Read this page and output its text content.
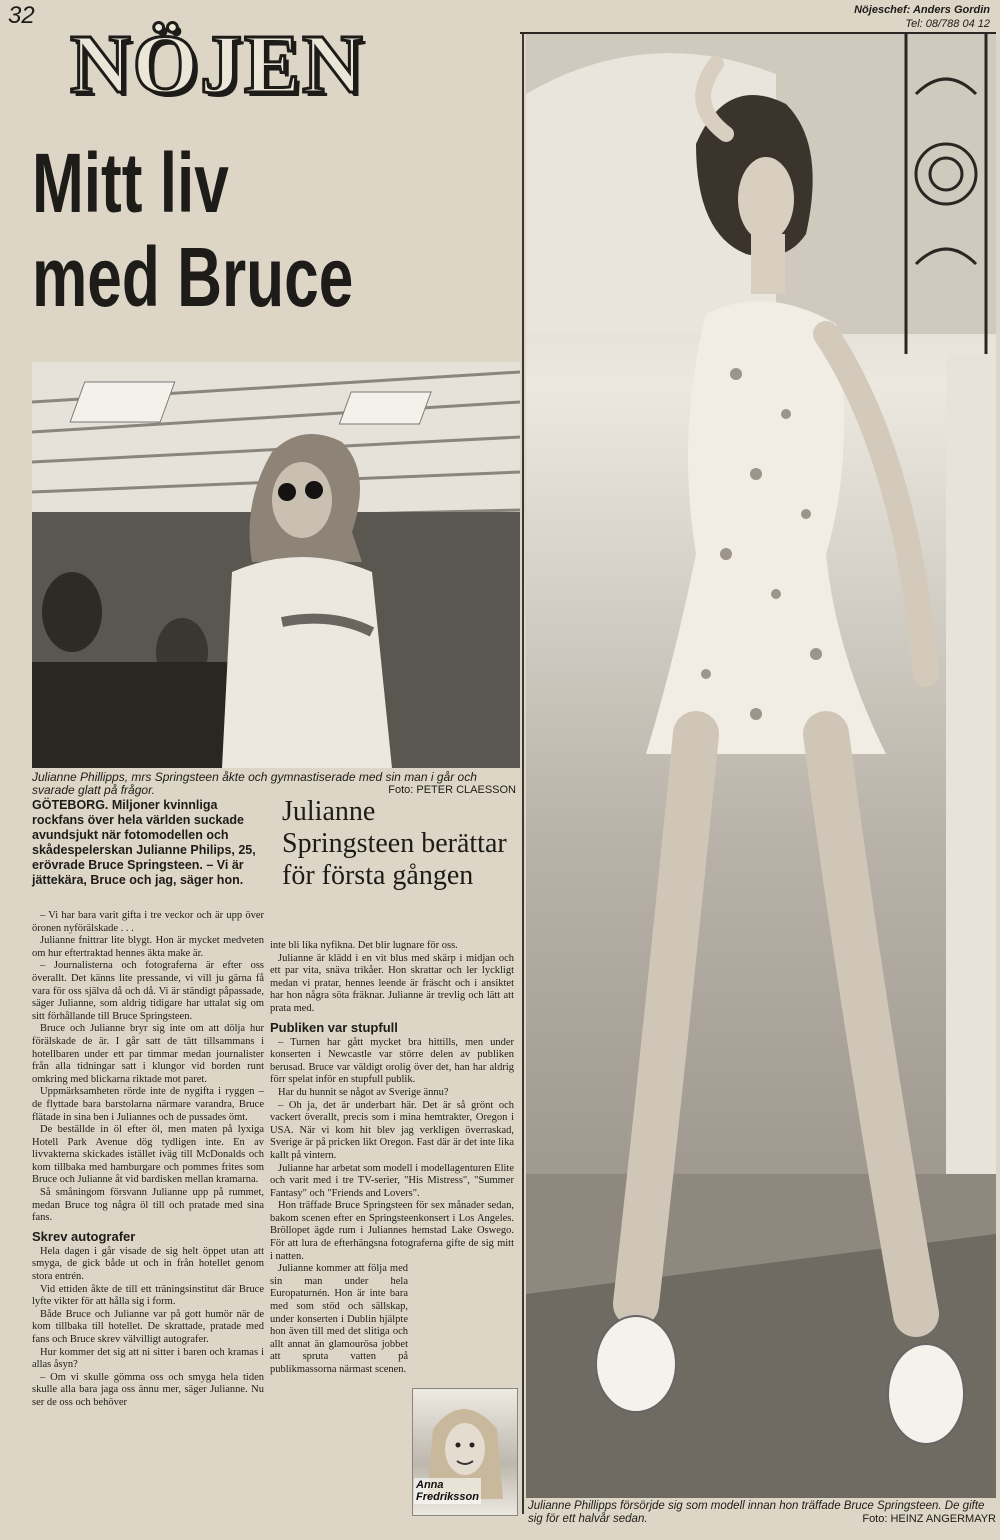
32	Nöjeschef: Anders Gordin
Tel: 08/788 04 12
NÖJEN
Mitt liv
med Bruce
Julianne Phillipps, mrs Springsteen åkte och gymnastiserade med sin man i går och svarade glatt på frågor.	Foto: PETER CLAESSON
Julianne Phillipps försörjde sig som modell innan hon träffade Bruce Springsteen. De gifte sig för ett halvår sedan.	Foto: HEINZ ANGERMAYR
GÖTEBORG. Miljoner kvinnliga rockfans över hela världen suckade avundsjukt när fotomodellen och skådespelerskan Julianne Philips, 25, erövrade Bruce Springsteen. – Vi är jättekära, Bruce och jag, säger hon.
Julianne Springsteen berättar för första gången

– Vi har bara varit gifta i tre veckor och är upp över öronen nyförälskade . . .

Julianne fnittrar lite blygt. Hon är mycket medveten om hur eftertraktad hennes äkta make är.

– Journalisterna och fotograferna är efter oss överallt. Det känns lite pressande, vi vill ju gärna få vara för oss själva då och då. Vi är ständigt påpassade, säger Julianne, som aldrig tidigare har uttalat sig om sitt förhållande till Bruce Springsteen.

Bruce och Julianne bryr sig inte om att dölja hur förälskade de är. I går satt de tätt tillsammans i hotellbaren under ett par timmar medan journalister från alla tidningar satt i klungor vid borden runt omkring med blickarna riktade mot paret.

Uppmärksamheten rörde inte de nygifta i ryggen – de flyttade bara barstolarna närmare varandra, Bruce flätade in sina ben i Juliannes och de pussades ömt.

De beställde in öl efter öl, men maten på lyxiga Hotell Park Avenue dög tydligen inte. En av livvakterna skickades istället iväg till McDonalds och kom tillbaka med hamburgare och pommes frites som Bruce och Julianne åt vid bardisken mellan kramarna.

Så småningom försvann Julianne upp på rummet, medan Bruce tog några öl till och pratade med sina fans.

Skrev autografer

Hela dagen i går visade de sig helt öppet utan att smyga, de gick både ut och in från hotellet genom stora entrén.

Vid ettiden åkte de till ett träningsinstitut där Bruce lyfte vikter för att hålla sig i form.

Både Bruce och Julianne var på gott humör när de kom tillbaka till hotellet. De skrattade, pratade med fans och Bruce skrev välvilligt autografer.

Hur kommer det sig att ni sitter i baren och kramas i allas åsyn?

– Om vi skulle gömma oss och smyga hela tiden skulle alla bara jaga oss ännu mer, säger Julianne. Nu ser de oss och behöver

inte bli lika nyfikna. Det blir lugnare för oss.

Julianne är klädd i en vit blus med skärp i midjan och ett par vita, snäva trikåer. Hon skrattar och ler lyckligt medan vi pratar, hennes leende är fräscht och i ansiktet har hon några söta fräknar. Julianne är trevlig och lätt att prata med.

Publiken var stupfull

– Turnen har gått mycket bra hittills, men under konserten i Newcastle var större delen av publiken berusad. Bruce var väldigt orolig över det, han har aldrig förr spelat inför en stupfull publik.

Har du hunnit se något av Sverige ännu?

– Oh ja, det är underbart här. Det är så grönt och vackert överallt, precis som i mina hemtrakter, Oregon i USA. När vi kom hit blev jag verkligen överraskad, Sverige är på pricken likt Oregon. Fast där är det inte lika kallt på vintern.

Julianne har arbetat som modell i modellagenturen Elite och varit med i tre TV-serier, "His Mistress", "Summer Fantasy" och "Friends and Lovers".

Hon träffade Bruce Springsteen för sex månader sedan, bakom scenen efter en Springsteenkonsert i Los Angeles. Bröllopet ägde rum i Juliannes hemstad Lake Oswego. För att lura de efterhängsna fotograferna gifte de sig mitt i natten.

Julianne kommer att följa med sin man under hela Europaturnén. Hon är inte bara med som stöd och sällskap, under konserten i Dublin hjälpte hon även till med det slitiga och allt annat än glamourösa jobbet att spruta vatten på publikmassorna närmast scenen.

Anna
Fredriksson
